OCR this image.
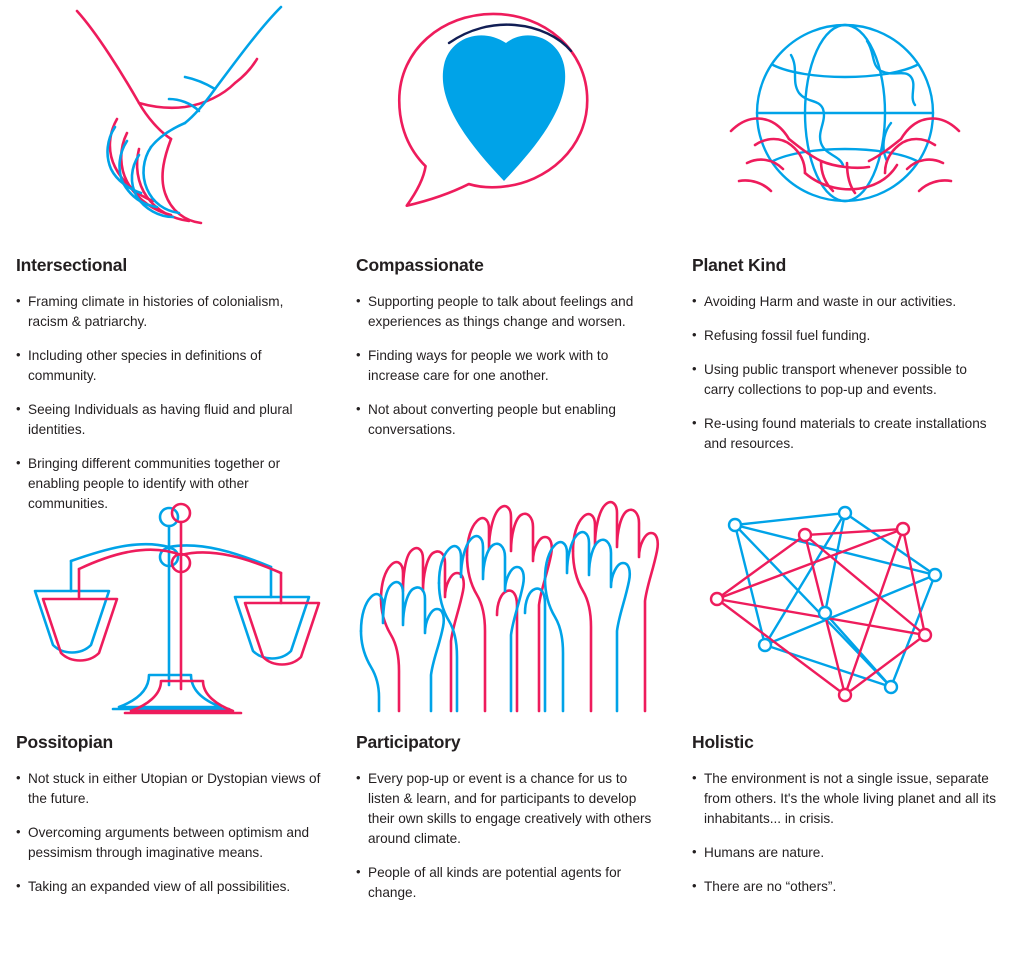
Intersectional
• Framing climate in histories of colonialism, racism & patriarchy.
• Including other species in definitions of community.
• Seeing Individuals as having fluid and plural identities.
• Bringing different communities together or enabling people to identify with other communities.
Compassionate
• Supporting people to talk about feelings and experiences as things change and worsen.
• Finding ways for people we work with to increase care for one another.
• Not about converting people but enabling conversations.
Planet Kind
• Avoiding Harm and waste in our activities.
• Refusing fossil fuel funding.
• Using public transport whenever possible to carry collections to pop-up and events.
• Re-using found materials to create installations and resources.
Possitopian
• Not stuck in either Utopian or Dystopian views of the future.
• Overcoming arguments between optimism and pessimism through imaginative means.
• Taking an expanded view of all possibilities.
Participatory
• Every pop-up or event is a chance for us to listen & learn, and for participants to develop their own skills to engage creatively with others around climate.
• People of all kinds are potential agents for change.
Holistic
• The environment is not a single issue, separate from others. It's the whole living planet and all its inhabitants... in crisis.
• Humans are nature.
• There are no “others”.
